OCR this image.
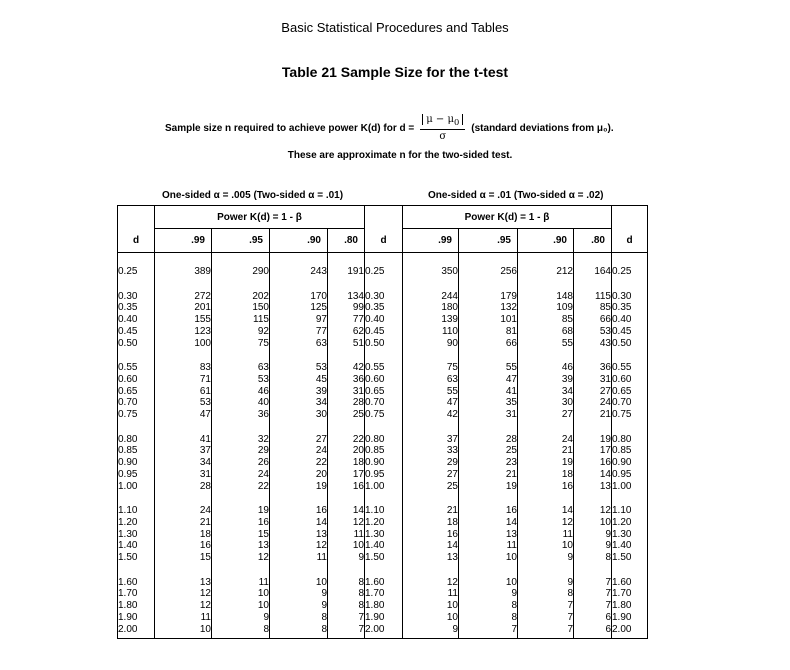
Basic Statistical Procedures and Tables
Table 21 Sample Size for the t-test
Sample size n required to achieve power K(d) for $d = \frac{\mu - \mu_0}{\sigma}$ (standard deviations from μ₀).
These are approximate n for the two-sided test.
One-sided α = .005 (Two-sided α = .01)	One-sided α = .01 (Two-sided α = .02)
	Power K(d) = 1 - β					Power K(d) = 1 - β				
d	.99	.95	.90	.80	d	.99	.95	.90	.80	d

0.25	389	290	243	191	0.25	350	256	212	164	0.25

0.30	272	202	170	134	0.30	244	179	148	115	0.30
0.35	201	150	125	99	0.35	180	132	109	85	0.35
0.40	155	115	97	77	0.40	139	101	85	66	0.40
0.45	123	92	77	62	0.45	110	81	68	53	0.45
0.50	100	75	63	51	0.50	90	66	55	43	0.50

0.55	83	63	53	42	0.55	75	55	46	36	0.55
0.60	71	53	45	36	0.60	63	47	39	31	0.60
0.65	61	46	39	31	0.65	55	41	34	27	0.65
0.70	53	40	34	28	0.70	47	35	30	24	0.70
0.75	47	36	30	25	0.75	42	31	27	21	0.75

0.80	41	32	27	22	0.80	37	28	24	19	0.80
0.85	37	29	24	20	0.85	33	25	21	17	0.85
0.90	34	26	22	18	0.90	29	23	19	16	0.90
0.95	31	24	20	17	0.95	27	21	18	14	0.95
1.00	28	22	19	16	1.00	25	19	16	13	1.00

1.10	24	19	16	14	1.10	21	16	14	12	1.10
1.20	21	16	14	12	1.20	18	14	12	10	1.20
1.30	18	15	13	11	1.30	16	13	11	9	1.30
1.40	16	13	12	10	1.40	14	11	10	9	1.40
1.50	15	12	11	9	1.50	13	10	9	8	1.50

1.60	13	11	10	8	1.60	12	10	9	7	1.60
1.70	12	10	9	8	1.70	11	9	8	7	1.70
1.80	12	10	9	8	1.80	10	8	7	7	1.80
1.90	11	9	8	7	1.90	10	8	7	6	1.90
2.00	10	8	8	7	2.00	9	7	7	6	2.00
